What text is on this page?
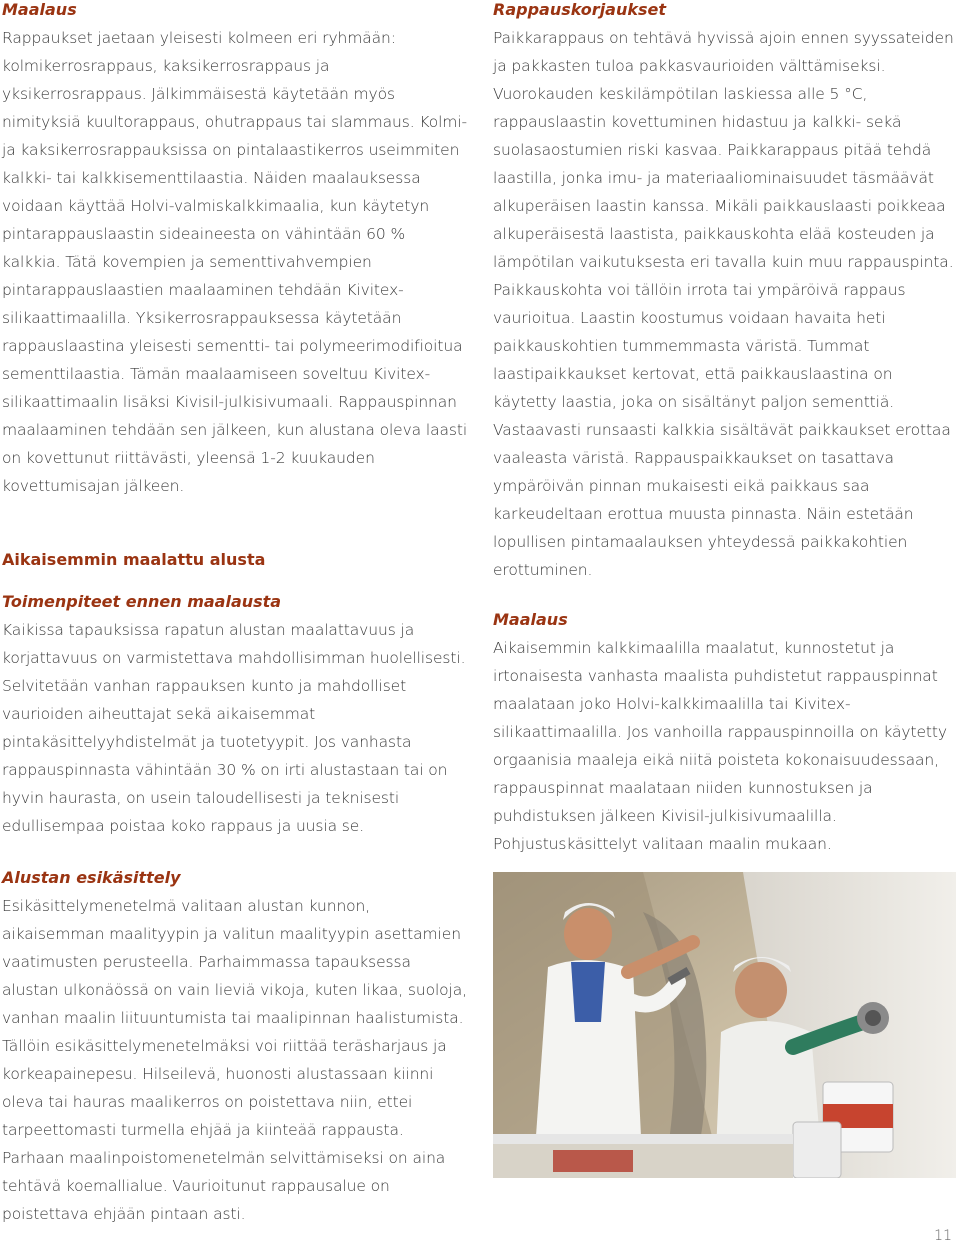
Maalaus

Rappaukset jaetaan yleisesti kolmeen eri ryhmään: kolmikerrosrappaus, kaksikerrosrappaus ja yksikerrosrappaus. Jälkimmäisestä käytetään myös nimityksiä kuultorappaus, ohutrappaus tai slammaus. Kolmi- ja kaksikerrosrappauksissa on pintalaastikerros useimmiten kalkki- tai kalkkisementtilaastia. Näiden maalauksessa voidaan käyttää Holvi-valmiskalkkimaalia, kun käytetyn pintarappauslaastin sideaineesta on vähintään 60 % kalkkia. Tätä kovempien ja sementtivahvempien pintarappauslaastien maalaaminen tehdään Kivitex-silikaattimaalilla. Yksikerrosrappauksessa käytetään rappauslaastina yleisesti sementti- tai polymeerimodifioitua sementtilaastia. Tämän maalaamiseen soveltuu Kivitex-silikaattimaalin lisäksi Kivisil-julkisivumaali. Rappauspinnan maalaaminen tehdään sen jälkeen, kun alustana oleva laasti on kovettunut riittävästi, yleensä 1-2 kuukauden kovettumisajan jälkeen.

Aikaisemmin maalattu alusta
Toimenpiteet ennen maalausta

Kaikissa tapauksissa rapatun alustan maalattavuus ja korjattavuus on varmistettava mahdollisimman huolellisesti. Selvitetään vanhan rappauksen kunto ja mahdolliset vaurioiden aiheuttajat sekä aikaisemmat pintakäsittelyyhdistelmät ja tuotetyypit. Jos vanhasta rappauspinnasta vähintään 30 % on irti alustastaan tai on hyvin haurasta, on usein taloudellisesti ja teknisesti edullisempaa poistaa koko rappaus ja uusia se.

Alustan esikäsittely

Esikäsittelymenetelmä valitaan alustan kunnon, aikaisemman maalityypin ja valitun maalityypin asettamien vaatimusten perusteella. Parhaimmassa tapauksessa alustan ulkonäössä on vain lieviä vikoja, kuten likaa, suoloja, vanhan maalin liituuntumista tai maalipinnan haalistumista. Tällöin esikäsittelymenetelmäksi voi riittää teräsharjaus ja korkeapainepesu. Hilseilevä, huonosti alustassaan kiinni oleva tai hauras maalikerros on poistettava niin, ettei tarpeettomasti turmella ehjää ja kiinteää rappausta. Parhaan maalinpoistomenetelmän selvittämiseksi on aina tehtävä koemallialue. Vaurioitunut rappausalue on poistettava ehjään pintaan asti.

Rappauskorjaukset

Paikkarappaus on tehtävä hyvissä ajoin ennen syyssateiden ja pakkasten tuloa pakkasvaurioiden välttämiseksi. Vuorokauden keskilämpötilan laskiessa alle 5 °C, rappauslaastin kovettuminen hidastuu ja kalkki- sekä suolasaostumien riski kasvaa. Paikkarappaus pitää tehdä laastilla, jonka imu- ja materiaaliominaisuudet täsmäävät alkuperäisen laastin kanssa. Mikäli paikkauslaasti poikkeaa alkuperäisestä laastista, paikkauskohta elää kosteuden ja lämpötilan vaikutuksesta eri tavalla kuin muu rappauspinta. Paikkauskohta voi tällöin irrota tai ympäröivä rappaus vaurioitua. Laastin koostumus voidaan havaita heti paikkauskohtien tummemmasta väristä. Tummat laastipaikkaukset kertovat, että paikkauslaastina on käytetty laastia, joka on sisältänyt paljon sementtiä. Vastaavasti runsaasti kalkkia sisältävät paikkaukset erottaa vaaleasta väristä. Rappauspaikkaukset on tasattava ympäröivän pinnan mukaisesti eikä paikkaus saa karkeudeltaan erottua muusta pinnasta. Näin estetään lopullisen pintamaalauksen yhteydessä paikkakohtien erottuminen.

Maalaus

Aikaisemmin kalkkimaalilla maalatut, kunnostetut ja irtonaisesta vanhasta maalista puhdistetut rappauspinnat maalataan joko Holvi-kalkkimaalilla tai Kivitex-silikaattimaalilla. Jos vanhoilla rappauspinnoilla on käytetty orgaanisia maaleja eikä niitä poisteta kokonaisuudessaan, rappauspinnat maalataan niiden kunnostuksen ja puhdistuksen jälkeen Kivisil-julkisivumaalilla. Pohjustuskäsittelyt valitaan maalin mukaan.

11
